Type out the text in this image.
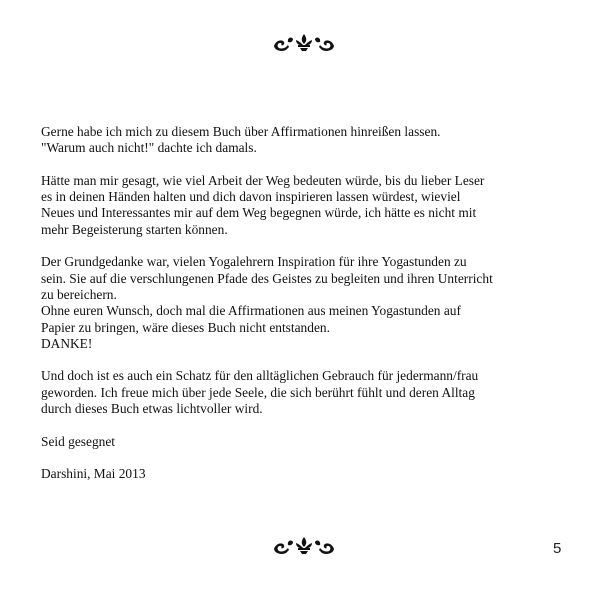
Gerne habe ich mich zu diesem Buch über Affirmationen hinreißen lassen.
"Warum auch nicht!" dachte ich damals.
Hätte man mir gesagt, wie viel Arbeit der Weg bedeuten würde, bis du lieber Leser
es in deinen Händen halten und dich davon inspirieren lassen würdest, wieviel
Neues und Interessantes mir auf dem Weg begegnen würde, ich hätte es nicht mit
mehr Begeisterung starten können.
Der Grundgedanke war, vielen Yogalehrern Inspiration für ihre Yogastunden zu
sein. Sie auf die verschlungenen Pfade des Geistes zu begleiten und ihren Unterricht
zu bereichern.
Ohne euren Wunsch, doch mal die Affirmationen aus meinen Yogastunden auf
Papier zu bringen, wäre dieses Buch nicht entstanden.
DANKE!
Und doch ist es auch ein Schatz für den alltäglichen Gebrauch für jedermann/frau
geworden. Ich freue mich über jede Seele, die sich berührt fühlt und deren Alltag
durch dieses Buch etwas lichtvoller wird.
Seid gesegnet
Darshini, Mai 2013
5
